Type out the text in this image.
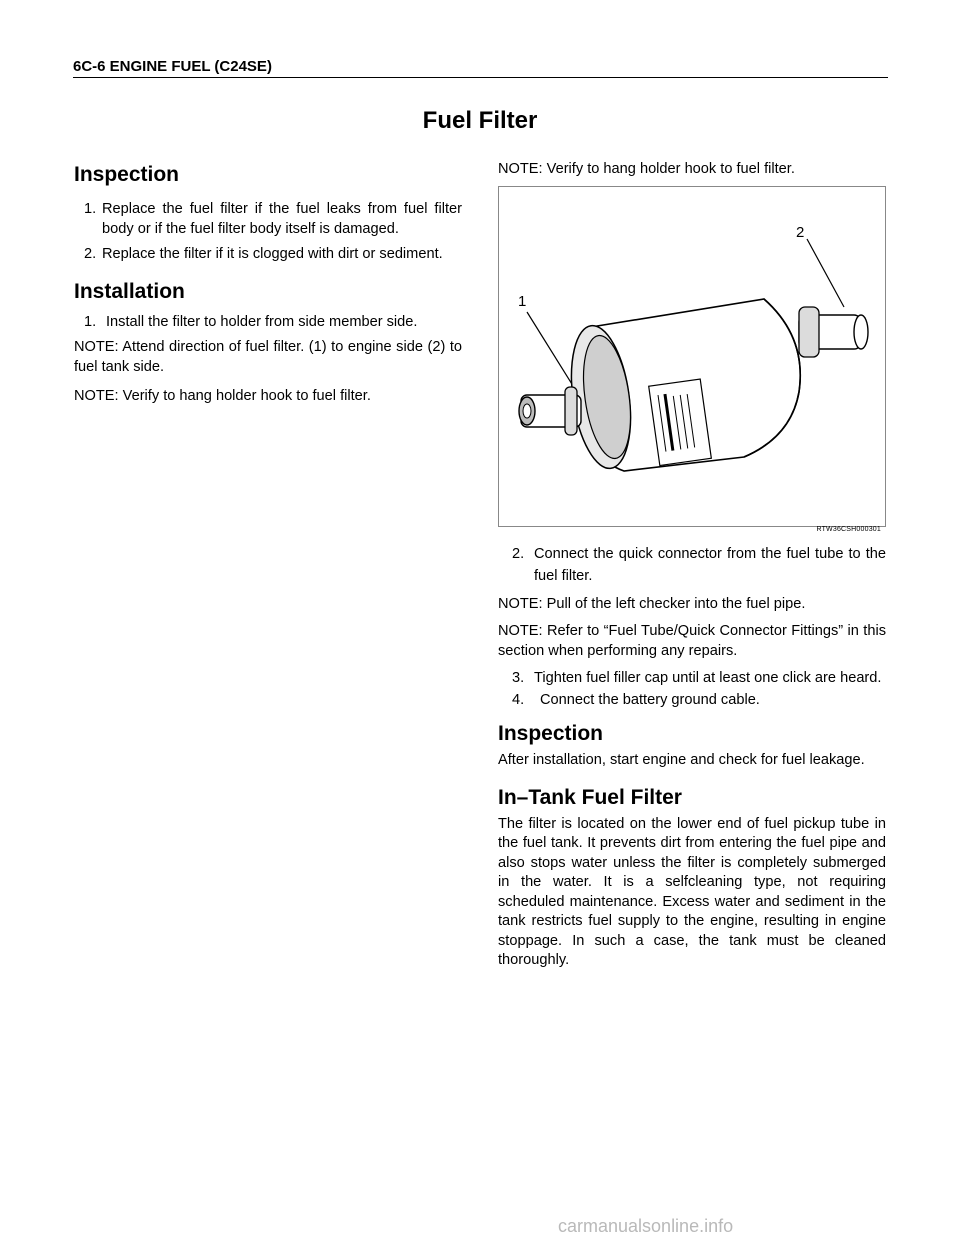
6C-6 ENGINE FUEL (C24SE)
Fuel Filter
Inspection
1. Replace the fuel filter if the fuel leaks from fuel filter body or if the fuel filter body itself is damaged.
2. Replace the filter if it is clogged with dirt or sediment.
Installation
1. Install the filter to holder from side member side.

NOTE: Attend direction of fuel filter. (1) to engine side (2) to fuel tank side.

NOTE: Verify to hang holder hook to fuel filter.

NOTE: Verify to hang holder hook to fuel filter.

1
2
RTW36CSH000301
2. Connect the quick connector from the fuel tube to the fuel filter.

NOTE: Pull of the left checker into the fuel pipe.

NOTE: Refer to “Fuel Tube/Quick Connector Fittings” in this section when performing any repairs.

3. Tighten fuel filler cap until at least one click are heard.
4.	Connect the battery ground cable.
Inspection

After installation, start engine and check for fuel leakage.

In–Tank Fuel Filter

The filter is located on the lower end of fuel pickup tube in the fuel tank. It prevents dirt from entering the fuel pipe and also stops water unless the filter is completely submerged in the water. It is a selfcleaning type, not requiring scheduled maintenance. Excess water and sediment in the tank restricts fuel supply to the engine, resulting in engine stoppage. In such a case, the tank must be cleaned thoroughly.

carmanualsonline.info
